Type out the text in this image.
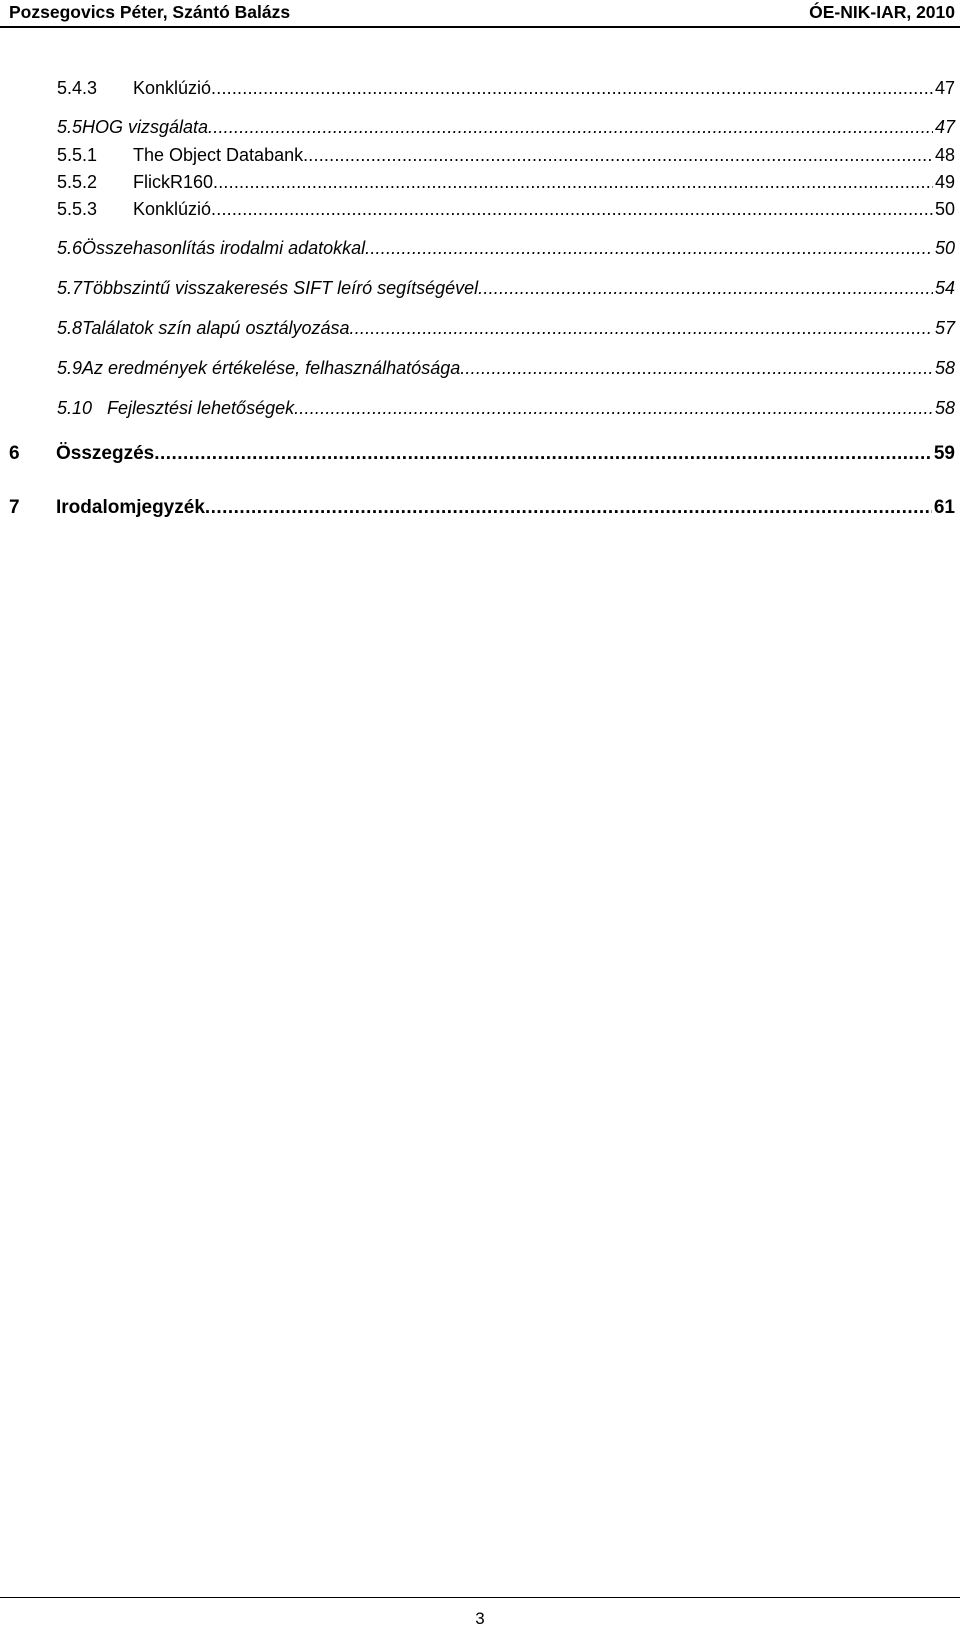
Pozsegovics Péter, Szántó Balázs	ÓE-NIK-IAR, 2010
5.4.3	Konklúzió . . .	47
5.5 HOG vizsgálata . . .	47
5.5.1	The Object Databank . . .	48
5.5.2	FlickR160 . . .	49
5.5.3	Konklúzió . . .	50
5.6 Összehasonlítás irodalmi adatokkal . . .	50
5.7 Többszintű visszakeresés SIFT leíró segítségével . . .	54
5.8 Találatok szín alapú osztályozása . . .	57
5.9 Az eredmények értékelése, felhasználhatósága . . .	58
5.10 Fejlesztési lehetőségek . . .	58
6	Összegzés . . .	59
7	Irodalomjegyzék . . .	61
3
